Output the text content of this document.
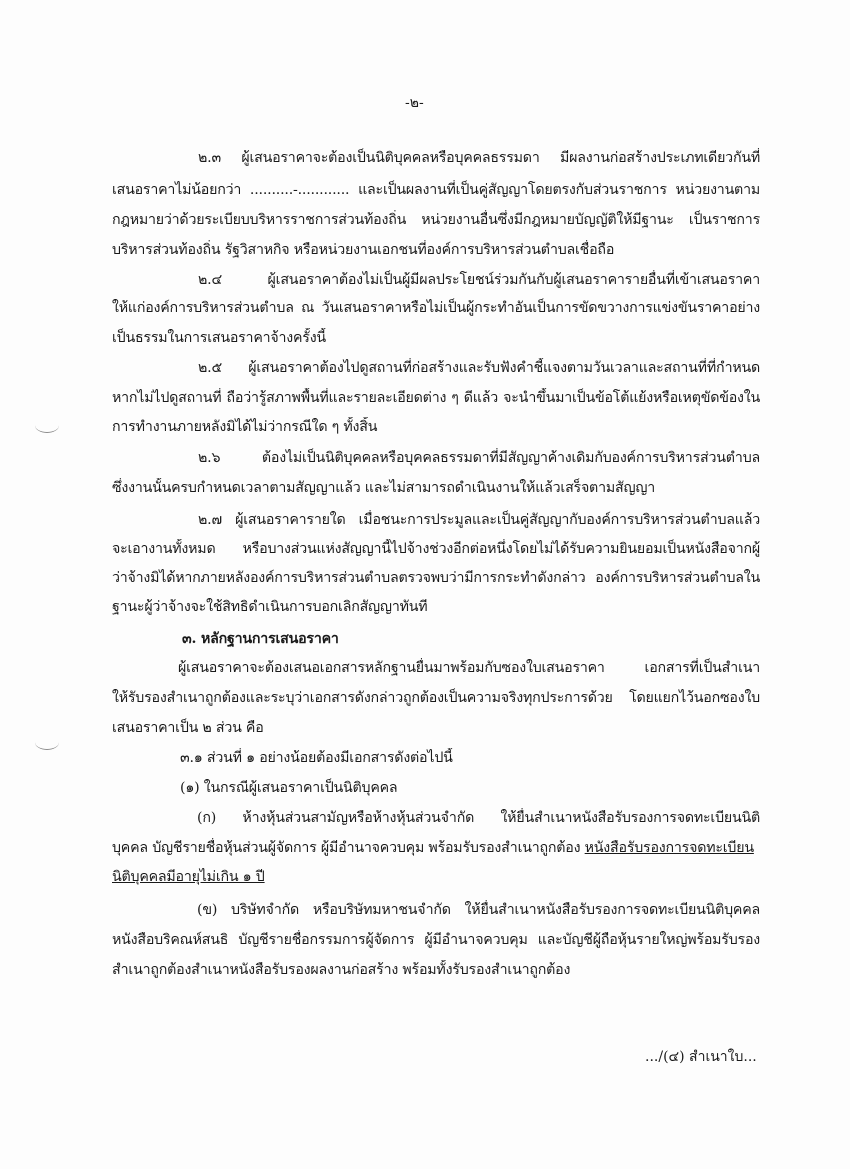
-๒-
๒.๓ ผู้เสนอราคาจะต้องเป็นนิติบุคคลหรือบุคคลธรรมดา มีผลงานก่อสร้างประเภทเดียวกันที่
เสนอราคาไม่น้อยกว่า ..........-............ และเป็นผลงานที่เป็นคู่สัญญาโดยตรงกับส่วนราชการ หน่วยงานตาม
กฎหมายว่าด้วยระเบียบบริหารราชการส่วนท้องถิ่น หน่วยงานอื่นซึ่งมีกฎหมายบัญญัติให้มีฐานะ เป็นราชการ
บริหารส่วนท้องถิ่น รัฐวิสาหกิจ หรือหน่วยงานเอกชนที่องค์การบริหารส่วนตำบลเชื่อถือ
๒.๔ ผู้เสนอราคาต้องไม่เป็นผู้มีผลประโยชน์ร่วมกันกับผู้เสนอราคารายอื่นที่เข้าเสนอราคา
ให้แก่องค์การบริหารส่วนตำบล ณ วันเสนอราคาหรือไม่เป็นผู้กระทำอันเป็นการขัดขวางการแข่งขันราคาอย่าง
เป็นธรรมในการเสนอราคาจ้างครั้งนี้
๒.๕ ผู้เสนอราคาต้องไปดูสถานที่ก่อสร้างและรับฟังคำชี้แจงตามวันเวลาและสถานที่ที่กำหนด
หากไม่ไปดูสถานที่ ถือว่ารู้สภาพพื้นที่และรายละเอียดต่าง ๆ ดีแล้ว จะนำขึ้นมาเป็นข้อโต้แย้งหรือเหตุขัดข้องใน
การทำงานภายหลังมิได้ไม่ว่ากรณีใด ๆ ทั้งสิ้น
๒.๖ ต้องไม่เป็นนิติบุคคลหรือบุคคลธรรมดาที่มีสัญญาค้างเดิมกับองค์การบริหารส่วนตำบล
ซึ่งงานนั้นครบกำหนดเวลาตามสัญญาแล้ว และไม่สามารถดำเนินงานให้แล้วเสร็จตามสัญญา
๒.๗ ผู้เสนอราคารายใด เมื่อชนะการประมูลและเป็นคู่สัญญากับองค์การบริหารส่วนตำบลแล้ว
จะเอางานทั้งหมด หรือบางส่วนแห่งสัญญานี้ไปจ้างช่วงอีกต่อหนึ่งโดยไม่ได้รับความยินยอมเป็นหนังสือจากผู้
ว่าจ้างมิได้หากภายหลังองค์การบริหารส่วนตำบลตรวจพบว่ามีการกระทำดังกล่าว องค์การบริหารส่วนตำบลใน
ฐานะผู้ว่าจ้างจะใช้สิทธิดำเนินการบอกเลิกสัญญาทันที
๓. หลักฐานการเสนอราคา
ผู้เสนอราคาจะต้องเสนอเอกสารหลักฐานยื่นมาพร้อมกับซองใบเสนอราคา เอกสารที่เป็นสำเนา
ให้รับรองสำเนาถูกต้องและระบุว่าเอกสารดังกล่าวถูกต้องเป็นความจริงทุกประการด้วย โดยแยกไว้นอกซองใบ
เสนอราคาเป็น ๒ ส่วน คือ
๓.๑ ส่วนที่ ๑ อย่างน้อยต้องมีเอกสารดังต่อไปนี้
(๑) ในกรณีผู้เสนอราคาเป็นนิติบุคคล
(ก) ห้างหุ้นส่วนสามัญหรือห้างหุ้นส่วนจำกัด ให้ยื่นสำเนาหนังสือรับรองการจดทะเบียนนิติ
บุคคล บัญชีรายชื่อหุ้นส่วนผู้จัดการ ผู้มีอำนาจควบคุม พร้อมรับรองสำเนาถูกต้อง หนังสือรับรองการจดทะเบียน
นิติบุคคลมีอายุไม่เกิน ๑ ปี
(ข) บริษัทจำกัด หรือบริษัทมหาชนจำกัด ให้ยื่นสำเนาหนังสือรับรองการจดทะเบียนนิติบุคคล
หนังสือบริคณห์สนธิ บัญชีรายชื่อกรรมการผู้จัดการ ผู้มีอำนาจควบคุม และบัญชีผู้ถือหุ้นรายใหญ่พร้อมรับรอง
สำเนาถูกต้องสำเนาหนังสือรับรองผลงานก่อสร้าง พร้อมทั้งรับรองสำเนาถูกต้อง
.../(๔) สำเนาใบ...
